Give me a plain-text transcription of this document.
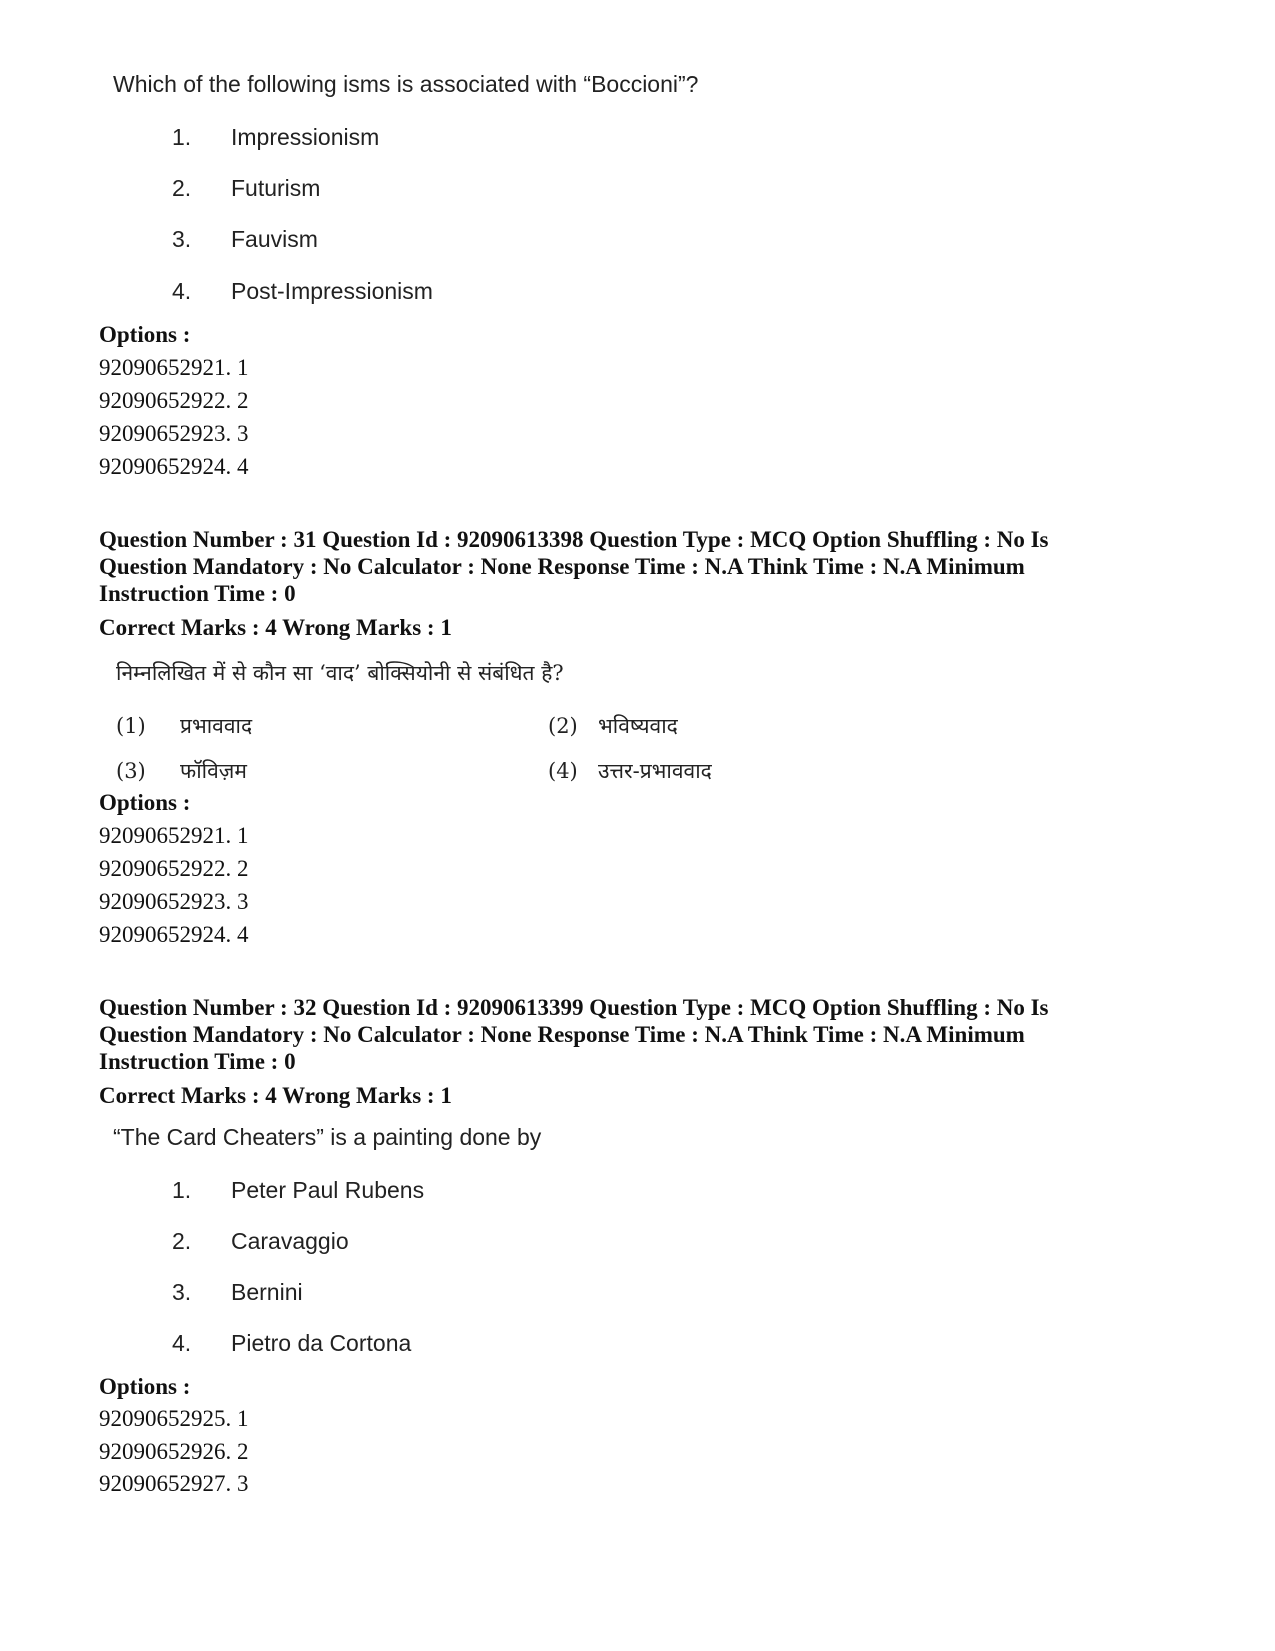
Which of the following isms is associated with “Boccioni”?
1.	Impressionism
2.	Futurism
3.	Fauvism
4.	Post-Impressionism
Options :
92090652921. 1
92090652922. 2
92090652923. 3
92090652924. 4
Question Number : 31 Question Id : 92090613398 Question Type : MCQ Option Shuffling : No Is
Question Mandatory : No Calculator : None Response Time : N.A Think Time : N.A Minimum
Instruction Time : 0
Correct Marks : 4 Wrong Marks : 1
निम्नलिखित में से कौन सा ‘वाद’ बोक्सियोनी से संबंधित है?
(1) प्रभाववाद	(2) भविष्यवाद
(3) फॉविज़म	(4) उत्तर-प्रभाववाद
Options :
92090652921. 1
92090652922. 2
92090652923. 3
92090652924. 4
Question Number : 32 Question Id : 92090613399 Question Type : MCQ Option Shuffling : No Is
Question Mandatory : No Calculator : None Response Time : N.A Think Time : N.A Minimum
Instruction Time : 0
Correct Marks : 4 Wrong Marks : 1
“The Card Cheaters” is a painting done by
1.	Peter Paul Rubens
2.	Caravaggio
3.	Bernini
4.	Pietro da Cortona
Options :
92090652925. 1
92090652926. 2
92090652927. 3
